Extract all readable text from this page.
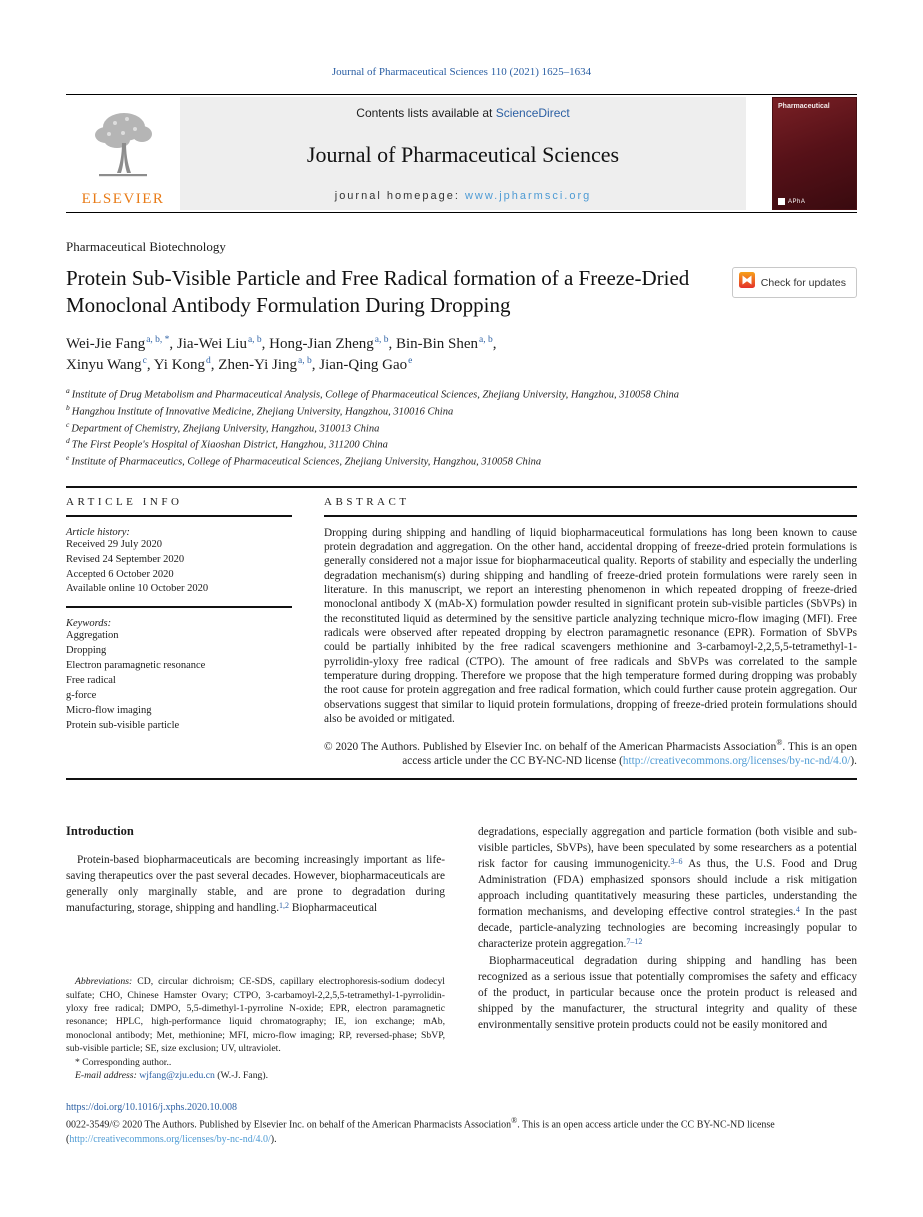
Journal of Pharmaceutical Sciences 110 (2021) 1625–1634
ELSEVIER
Contents lists available at ScienceDirect
Journal of Pharmaceutical Sciences
journal homepage: www.jpharmsci.org
Pharmaceutical
APhA
Pharmaceutical Biotechnology
Protein Sub-Visible Particle and Free Radical formation of a Freeze-Dried Monoclonal Antibody Formulation During Dropping
Check for updates
Wei-Jie Fang$^{a, b, *}$, Jia-Wei Liu$^{a, b}$, Hong-Jian Zheng$^{a, b}$, Bin-Bin Shen$^{a, b}$,
Xinyu Wang$^c$, Yi Kong$^d$, Zhen-Yi Jing$^{a, b}$, Jian-Qing Gao$^e$
$^a$ Institute of Drug Metabolism and Pharmaceutical Analysis, College of Pharmaceutical Sciences, Zhejiang University, Hangzhou, 310058 China
$^b$ Hangzhou Institute of Innovative Medicine, Zhejiang University, Hangzhou, 310016 China
$^c$ Department of Chemistry, Zhejiang University, Hangzhou, 310013 China
$^d$ The First People's Hospital of Xiaoshan District, Hangzhou, 311200 China
$^e$ Institute of Pharmaceutics, College of Pharmaceutical Sciences, Zhejiang University, Hangzhou, 310058 China
ARTICLE INFO
Article history:
Received 29 July 2020
Revised 24 September 2020
Accepted 6 October 2020
Available online 10 October 2020
Keywords:
Aggregation
Dropping
Electron paramagnetic resonance
Free radical
g-force
Micro-flow imaging
Protein sub-visible particle
ABSTRACT

Dropping during shipping and handling of liquid biopharmaceutical formulations has long been known to cause protein degradation and aggregation. On the other hand, accidental dropping of freeze-dried protein formulations is generally considered not a major issue for biopharmaceutical quality. Reports of stability and especially the underling degradation mechanism(s) during shipping and handling of freeze-dried protein formulations were rarely seen in literature. In this manuscript, we report an interesting phenomenon in which repeated dropping of freeze-dried monoclonal antibody X (mAb-X) formulation powder resulted in significant protein sub-visible particles (SbVPs) in the reconstituted liquid as determined by the sensitive particle analyzing technique micro-flow imaging (MFI). Free radicals were observed after repeated dropping by electron paramagnetic resonance (EPR). Formation of SbVPs could be partially inhibited by the free radical scavengers methionine and 3-carbamoyl-2,2,5,5-tetramethyl-1-pyrrolidin-yloxy free radical (CTPO). The amount of free radicals and SbVPs was correlated to the sample temperature during dropping. Therefore we propose that the high temperature formed during dropping was probably the root cause for protein aggregation and free radical formation, which could further cause protein aggregation. Our observations suggest that similar to liquid protein formulations, dropping of freeze-dried protein formulations should also be avoided or mitigated.

© 2020 The Authors. Published by Elsevier Inc. on behalf of the American Pharmacists Association®. This is an open access article under the CC BY-NC-ND license (http://creativecommons.org/licenses/by-nc-nd/4.0/).

Introduction

Protein-based biopharmaceuticals are becoming increasingly important as life-saving therapeutics over the past several decades. However, biopharmaceuticals are generally only marginally stable, and are prone to degradation during manufacturing, storage, shipping and handling.$^{1,2}$ Biopharmaceutical

Abbreviations: CD, circular dichroism; CE-SDS, capillary electrophoresis-sodium dodecyl sulfate; CHO, Chinese Hamster Ovary; CTPO, 3-carbamoyl-2,2,5,5-tetramethyl-1-pyrrolidin-yloxy free radical; DMPO, 5,5-dimethyl-1-pyrroline N-oxide; EPR, electron paramagnetic resonance; HPLC, high-performance liquid chromatography; IE, ion exchange; mAb, monoclonal antibody; Met, methionine; MFI, micro-flow imaging; RP, reversed-phase; SbVP, sub-visible particle; SE, size exclusion; UV, ultraviolet.

* Corresponding author..

E-mail address: wjfang@zju.edu.cn (W.-J. Fang).

degradations, especially aggregation and particle formation (both visible and sub-visible particles, SbVPs), have been speculated by some researchers as a potential risk factor for causing immunogenicity.$^{3-6}$ As thus, the U.S. Food and Drug Administration (FDA) emphasized sponsors should include a risk mitigation approach including quantitatively measuring these particles, understanding the formation mechanisms, and developing effective control strategies.$^4$ In the past decade, particle-analyzing technologies are becoming increasingly popular to characterize protein aggregation.$^{7-12}$

Biopharmaceutical degradation during shipping and handling has been recognized as a serious issue that potentially compromises the safety and efficacy of the product, in particular because once the protein product is released and shipped by the manufacturer, the structural integrity and quality of these environmentally sensitive protein products could not be easily monitored and

https://doi.org/10.1016/j.xphs.2020.10.008
0022-3549/© 2020 The Authors. Published by Elsevier Inc. on behalf of the American Pharmacists Association®. This is an open access article under the CC BY-NC-ND license (http://creativecommons.org/licenses/by-nc-nd/4.0/).
